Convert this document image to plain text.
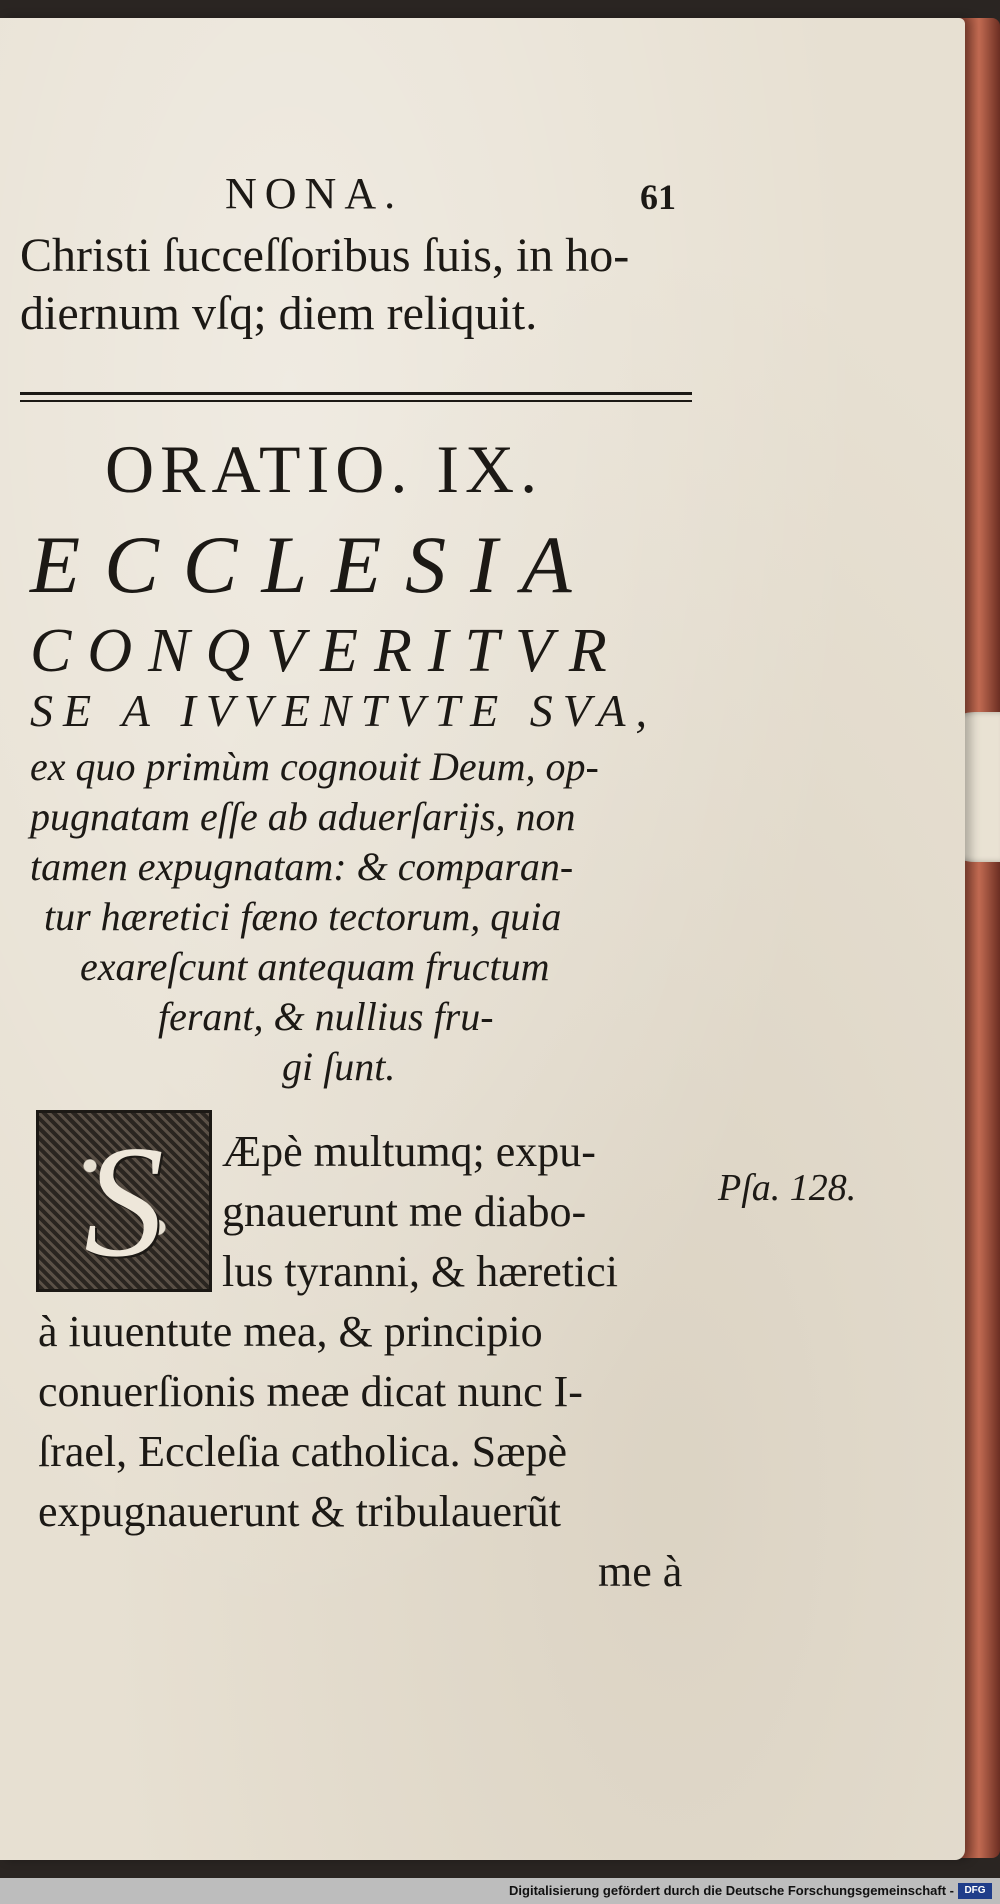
NONA.	61
Christi ſucceſſoribus ſuis, in ho-
diernum vſq; diem reliquit.
ORATIO. IX.
ECCLESIA
CONQVERITVR
SE A IVVENTVTE SVA,
ex quo primùm cognouit Deum, op-
pugnatam eſſe ab aduerſarijs, non
tamen expugnatam: & comparan-
tur hæretici fæno tectorum, quia
exareſcunt antequam fructum
ferant, & nullius fru-
gi ſunt.
S Æpè multumq; expu-
gnauerunt me diabo-
lus tyranni, & hæretici
à iuuentute mea, & principio
conuerſionis meæ dicat nunc I-
ſrael, Eccleſia catholica. Sæpè
expugnauerunt & tribulauerũt
me à
Pſa. 128.
Digitalisierung gefördert durch die Deutsche Forschungsgemeinschaft -	DFG
